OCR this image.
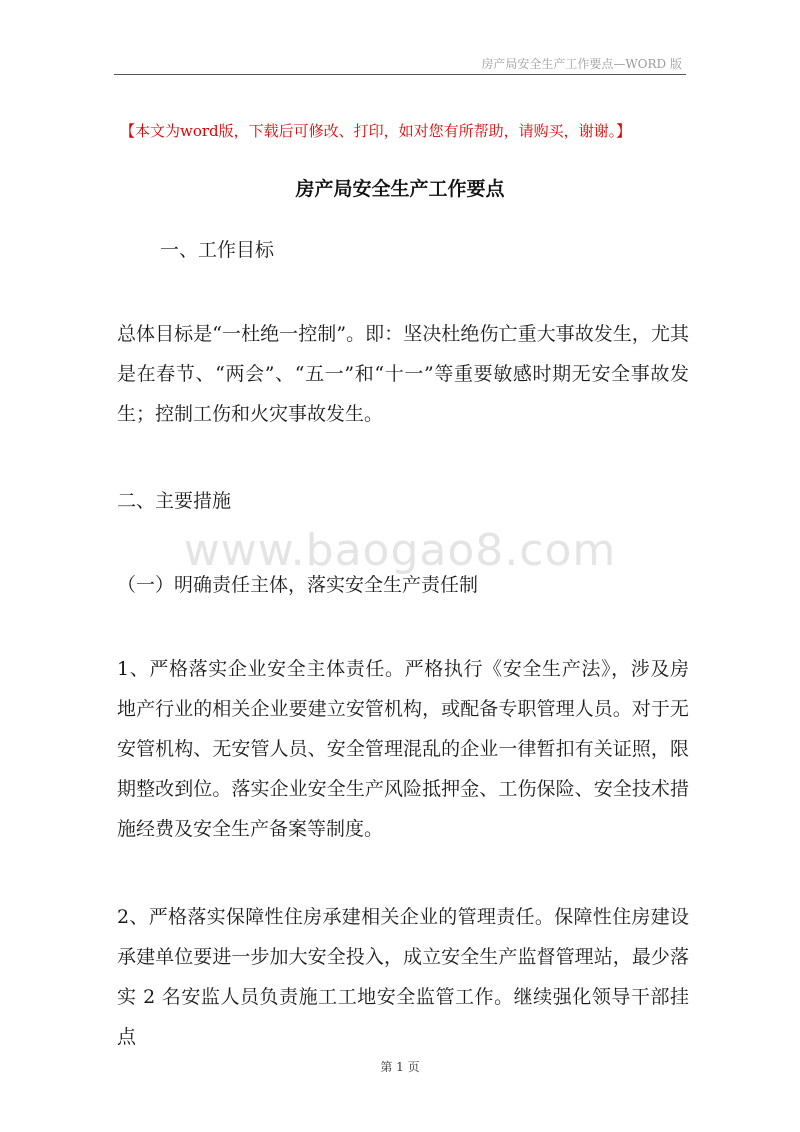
房产局安全生产工作要点—WORD 版
【本文为word版，下载后可修改、打印，如对您有所帮助，请购买，谢谢。】
房产局安全生产工作要点

一、工作目标

总体目标是“一杜绝一控制”。即：坚决杜绝伤亡重大事故发生，尤其是在春节、“两会”、“五一”和“十一”等重要敏感时期无安全事故发生；控制工伤和火灾事故发生。

二、主要措施

www.baogao8.com

（一）明确责任主体，落实安全生产责任制

1、严格落实企业安全主体责任。严格执行《安全生产法》，涉及房地产行业的相关企业要建立安管机构，或配备专职管理人员。对于无安管机构、无安管人员、安全管理混乱的企业一律暂扣有关证照，限期整改到位。落实企业安全生产风险抵押金、工伤保险、安全技术措施经费及安全生产备案等制度。

2、严格落实保障性住房承建相关企业的管理责任。保障性住房建设承建单位要进一步加大安全投入，成立安全生产监督管理站，最少落实 2 名安监人员负责施工工地安全监管工作。继续强化领导干部挂点

第 1 页
